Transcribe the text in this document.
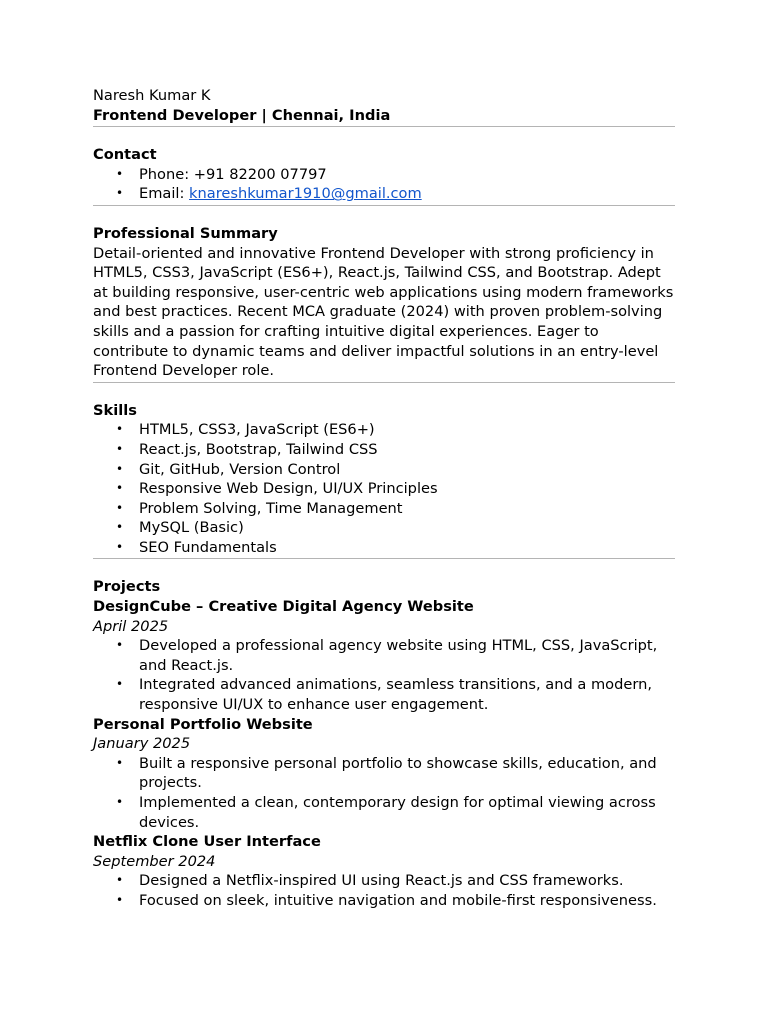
Naresh Kumar K

Frontend Developer | Chennai, India

Contact

• Phone: +91 82200 07797
• Email: knareshkumar1910@gmail.com

Professional Summary

Detail-oriented and innovative Frontend Developer with strong proficiency in HTML5, CSS3, JavaScript (ES6+), React.js, Tailwind CSS, and Bootstrap. Adept at building responsive, user-centric web applications using modern frameworks and best practices. Recent MCA graduate (2024) with proven problem-solving skills and a passion for crafting intuitive digital experiences. Eager to contribute to dynamic teams and deliver impactful solutions in an entry-level Frontend Developer role.

Skills

• HTML5, CSS3, JavaScript (ES6+)
• React.js, Bootstrap, Tailwind CSS
• Git, GitHub, Version Control
• Responsive Web Design, UI/UX Principles
• Problem Solving, Time Management
• MySQL (Basic)
• SEO Fundamentals

Projects

DesignCube – Creative Digital Agency Website

April 2025

• Developed a professional agency website using HTML, CSS, JavaScript, and React.js.
• Integrated advanced animations, seamless transitions, and a modern, responsive UI/UX to enhance user engagement.

Personal Portfolio Website

January 2025

• Built a responsive personal portfolio to showcase skills, education, and projects.
• Implemented a clean, contemporary design for optimal viewing across devices.

Netflix Clone User Interface

September 2024

• Designed a Netflix-inspired UI using React.js and CSS frameworks.
• Focused on sleek, intuitive navigation and mobile-first responsiveness.
